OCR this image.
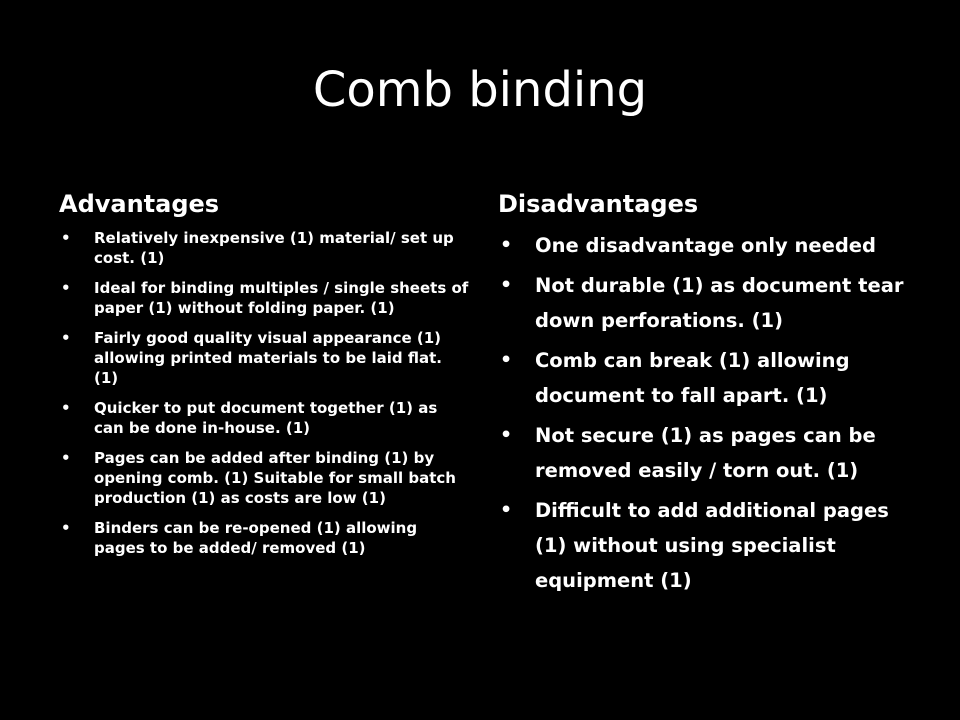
Comb binding
Advantages
• Relatively inexpensive (1) material/ set up cost. (1)
• Ideal for binding multiples / single sheets of paper (1) without folding paper. (1)
• Fairly good quality visual appearance (1) allowing printed materials to be laid flat. (1)
• Quicker to put document together (1) as can be done in-house. (1)
• Pages can be added after binding (1) by opening comb. (1) Suitable for small batch production (1) as costs are low (1)
• Binders can be re-opened (1) allowing pages to be added/ removed (1)
Disadvantages
• One disadvantage only needed
• Not durable (1) as document tear down perforations. (1)
• Comb can break (1) allowing document to fall apart. (1)
• Not secure (1) as pages can be removed easily / torn out. (1)
• Difficult to add additional pages (1) without using specialist equipment (1)
